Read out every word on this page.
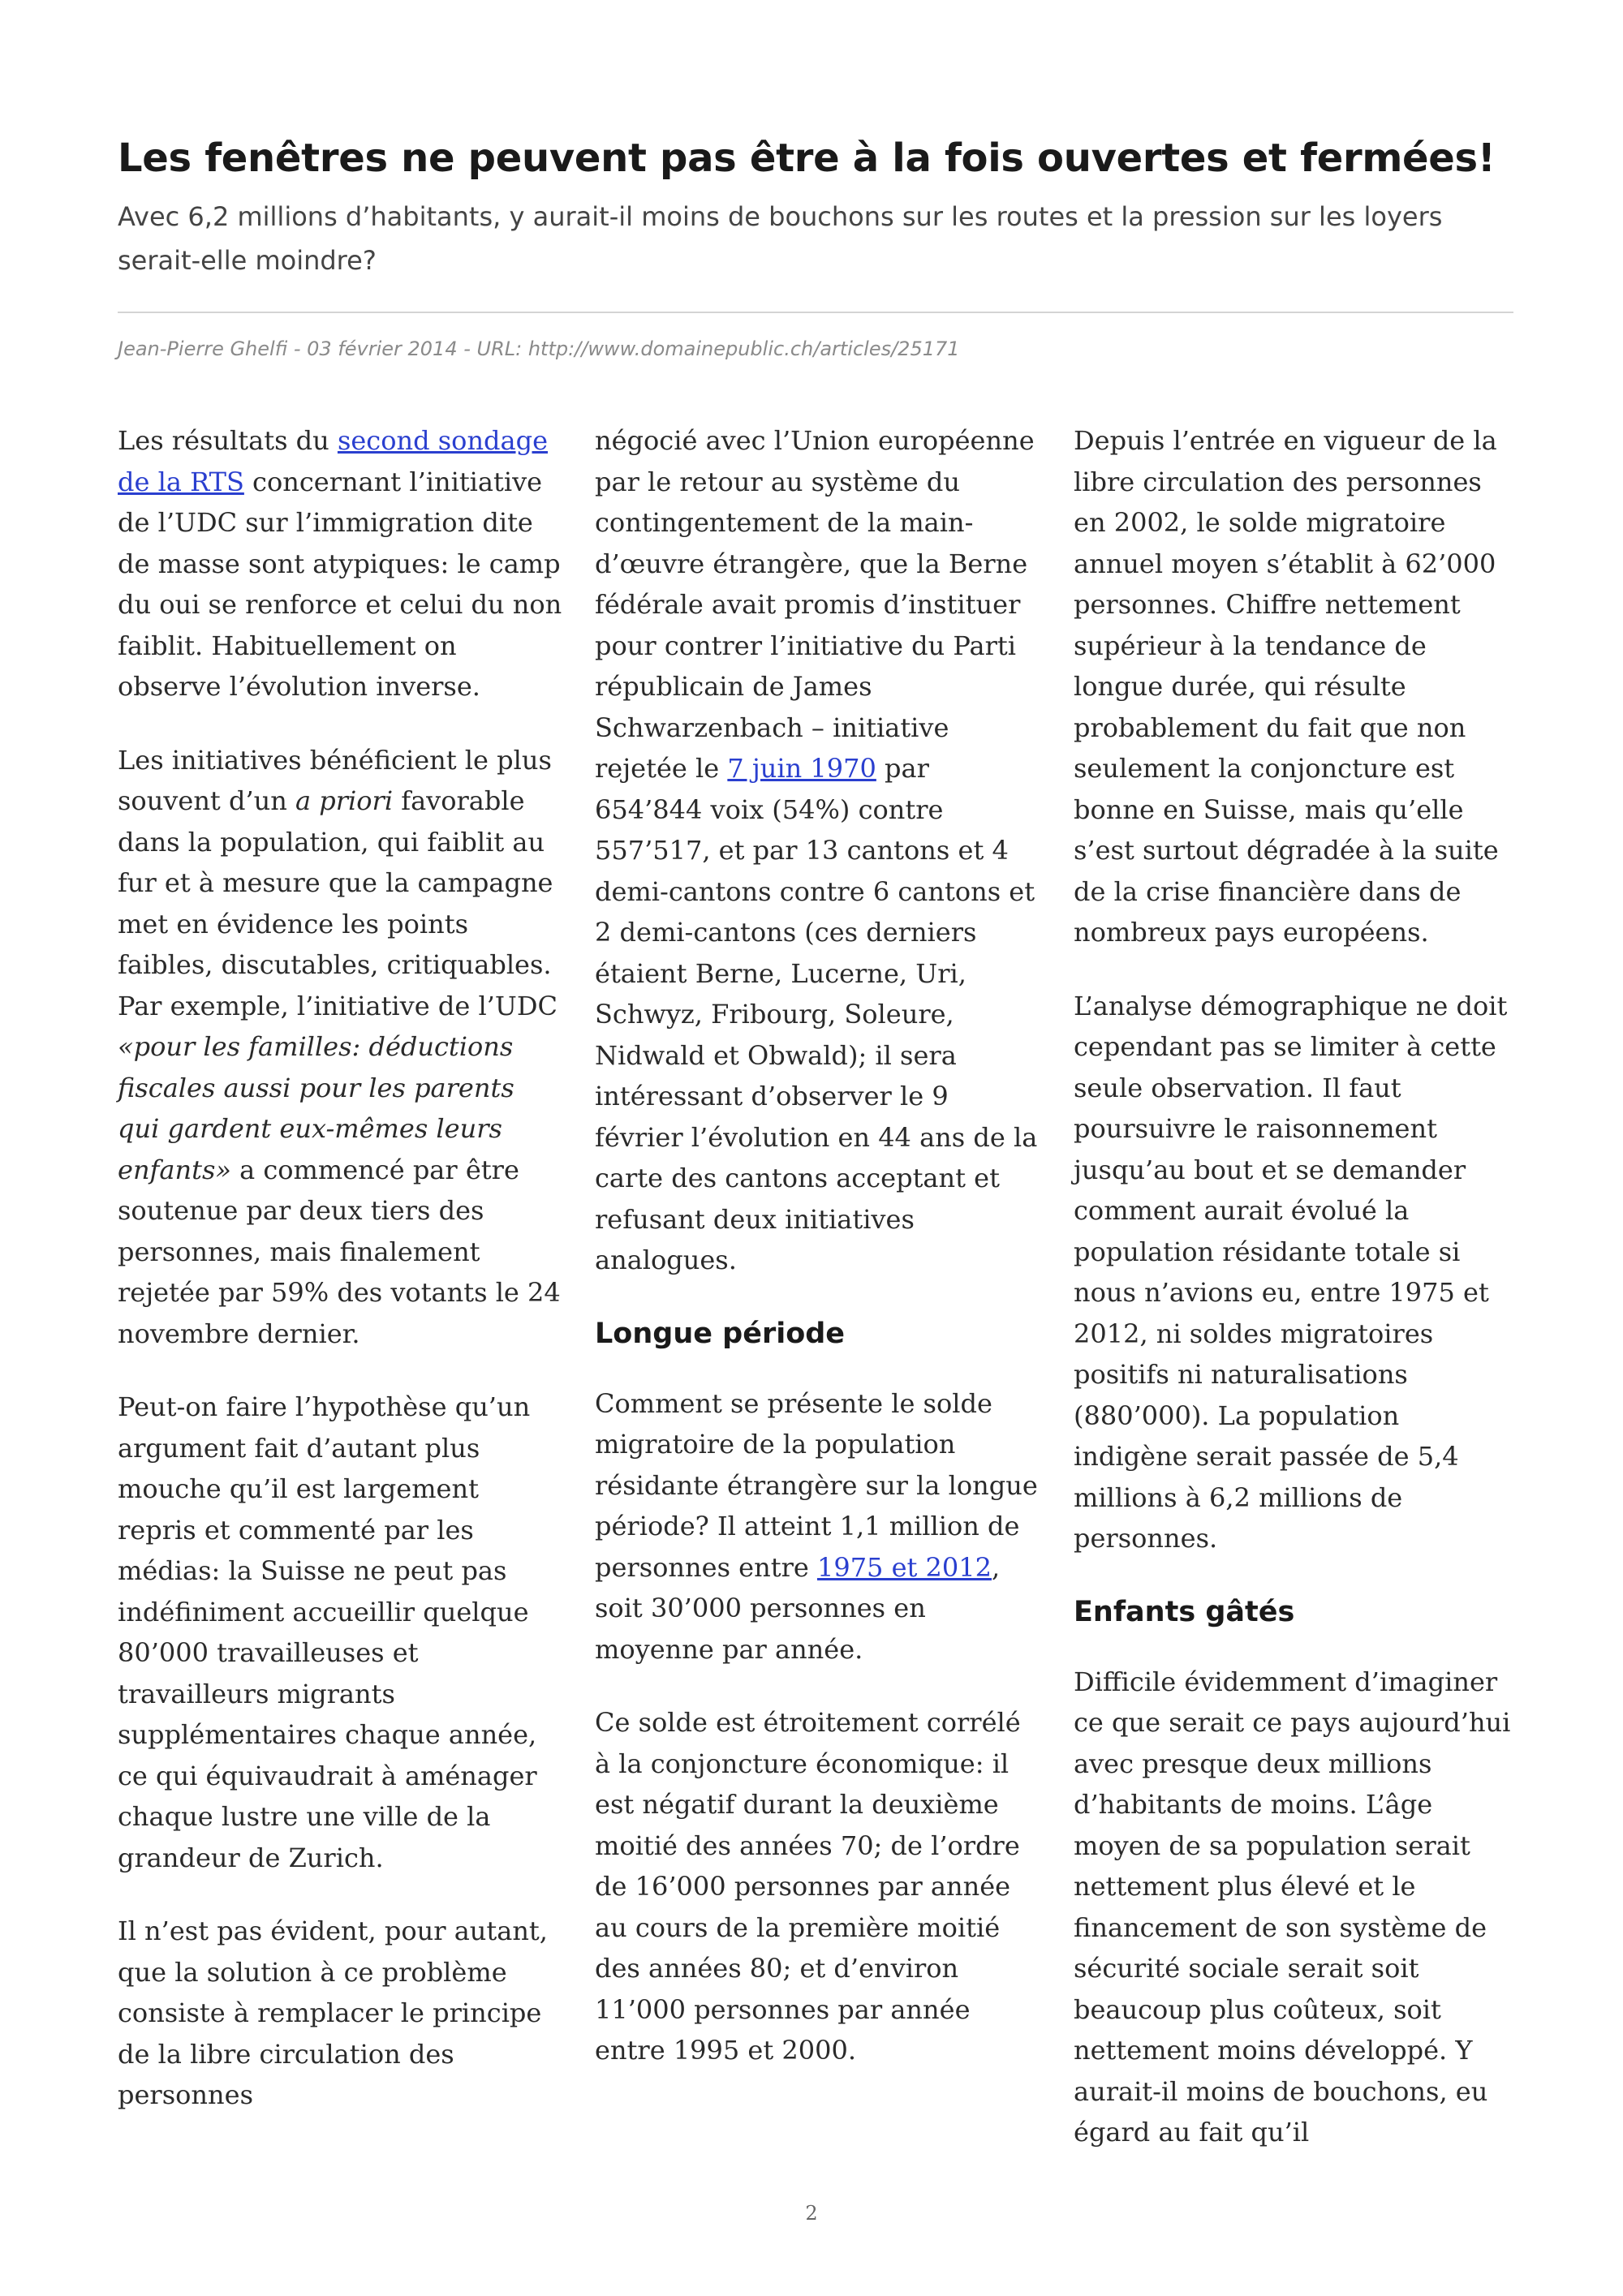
Les fenêtres ne peuvent pas être à la fois ouvertes et fermées!

Avec 6,2 millions d’habitants, y aurait-il moins de bouchons sur les routes et la pression sur les loyers serait-elle moindre?

Jean-Pierre Ghelfi - 03 février 2014 - URL: http://www.domainepublic.ch/articles/25171

Les résultats du second sondage de la RTS concernant l’initiative de l’UDC sur l’immigration dite de masse sont atypiques: le camp du oui se renforce et celui du non faiblit. Habituellement on observe l’évolution inverse.

Les initiatives bénéficient le plus souvent d’un a priori favorable dans la population, qui faiblit au fur et à mesure que la campagne met en évidence les points faibles, discutables, critiquables. Par exemple, l’initiative de l’UDC «pour les familles: déductions fiscales aussi pour les parents qui gardent eux-mêmes leurs enfants» a commencé par être soutenue par deux tiers des personnes, mais finalement rejetée par 59% des votants le 24 novembre dernier.

Peut-on faire l’hypothèse qu’un argument fait d’autant plus mouche qu’il est largement repris et commenté par les médias: la Suisse ne peut pas indéfiniment accueillir quelque 80’000 travailleuses et travailleurs migrants supplémentaires chaque année, ce qui équivaudrait à aménager chaque lustre une ville de la grandeur de Zurich.

Il n’est pas évident, pour autant, que la solution à ce problème consiste à remplacer le principe de la libre circulation des personnes

négocié avec l’Union européenne par le retour au système du contingentement de la main-d’œuvre étrangère, que la Berne fédérale avait promis d’instituer pour contrer l’initiative du Parti républicain de James Schwarzenbach – initiative rejetée le 7 juin 1970 par 654’844 voix (54%) contre 557’517, et par 13 cantons et 4 demi-cantons contre 6 cantons et 2 demi-cantons (ces derniers étaient Berne, Lucerne, Uri, Schwyz, Fribourg, Soleure, Nidwald et Obwald); il sera intéressant d’observer le 9 février l’évolution en 44 ans de la carte des cantons acceptant et refusant deux initiatives analogues.

Longue période

Comment se présente le solde migratoire de la population résidante étrangère sur la longue période? Il atteint 1,1 million de personnes entre 1975 et 2012, soit 30’000 personnes en moyenne par année.

Ce solde est étroitement corrélé à la conjoncture économique: il est négatif durant la deuxième moitié des années 70; de l’ordre de 16’000 personnes par année au cours de la première moitié des années 80; et d’environ 11’000 personnes par année entre 1995 et 2000.

Depuis l’entrée en vigueur de la libre circulation des personnes en 2002, le solde migratoire annuel moyen s’établit à 62’000 personnes. Chiffre nettement supérieur à la tendance de longue durée, qui résulte probablement du fait que non seulement la conjoncture est bonne en Suisse, mais qu’elle s’est surtout dégradée à la suite de la crise financière dans de nombreux pays européens.

L’analyse démographique ne doit cependant pas se limiter à cette seule observation. Il faut poursuivre le raisonnement jusqu’au bout et se demander comment aurait évolué la population résidante totale si nous n’avions eu, entre 1975 et 2012, ni soldes migratoires positifs ni naturalisations (880’000). La population indigène serait passée de 5,4 millions à 6,2 millions de personnes.

Enfants gâtés

Difficile évidemment d’imaginer ce que serait ce pays aujourd’hui avec presque deux millions d’habitants de moins. L’âge moyen de sa population serait nettement plus élevé et le financement de son système de sécurité sociale serait soit beaucoup plus coûteux, soit nettement moins développé. Y aurait-il moins de bouchons, eu égard au fait qu’il

2
